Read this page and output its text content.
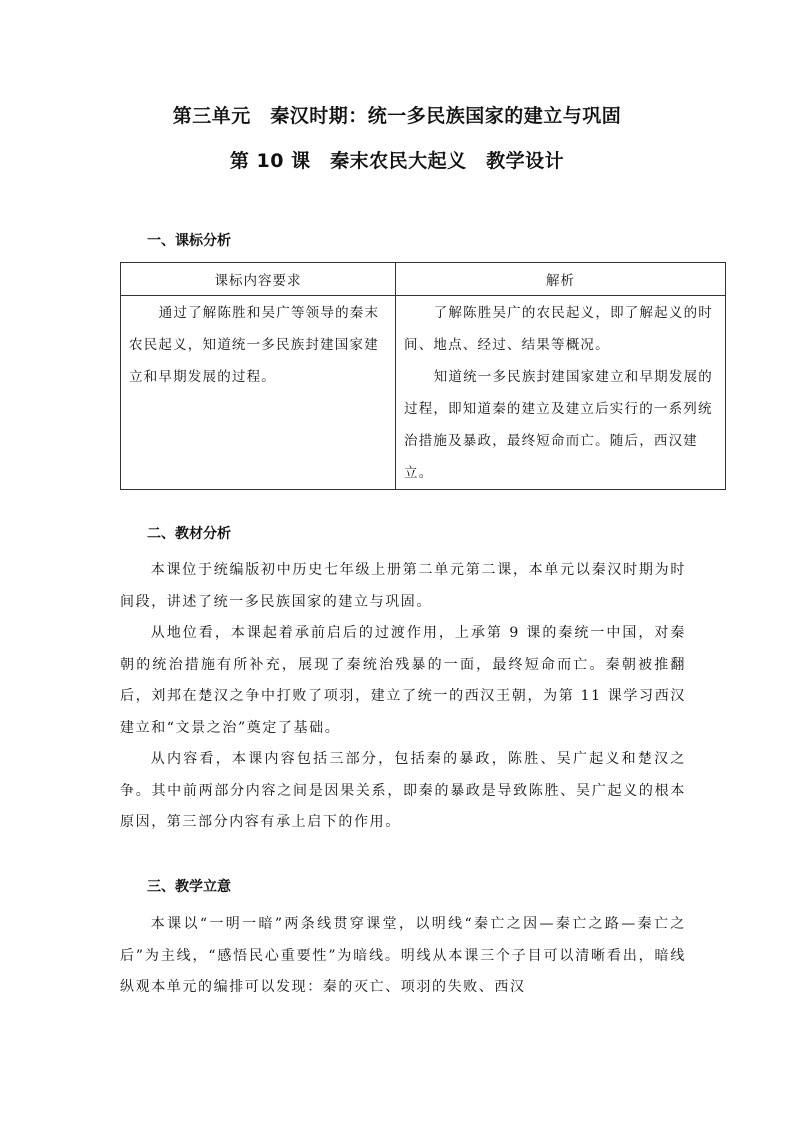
第三单元　秦汉时期：统一多民族国家的建立与巩固
第 10 课　秦末农民大起义　教学设计
一、课标分析
课标内容要求	解析

通过了解陈胜和吴广等领导的秦末农民起义，知道统一多民族封建国家建立和早期发展的过程。	了解陈胜吴广的农民起义，即了解起义的时间、地点、经过、结果等概况。

知道统一多民族封建国家建立和早期发展的过程，即知道秦的建立及建立后实行的一系列统治措施及暴政，最终短命而亡。随后，西汉建立。

二、教材分析

本课位于统编版初中历史七年级上册第二单元第二课，本单元以秦汉时期为时间段，讲述了统一多民族国家的建立与巩固。

从地位看，本课起着承前启后的过渡作用，上承第 9 课的秦统一中国，对秦朝的统治措施有所补充，展现了秦统治残暴的一面，最终短命而亡。秦朝被推翻后，刘邦在楚汉之争中打败了项羽，建立了统一的西汉王朝，为第 11 课学习西汉建立和“文景之治”奠定了基础。

从内容看，本课内容包括三部分，包括秦的暴政，陈胜、吴广起义和楚汉之争。其中前两部分内容之间是因果关系，即秦的暴政是导致陈胜、吴广起义的根本原因，第三部分内容有承上启下的作用。

三、教学立意

本课以“一明一暗”两条线贯穿课堂，以明线“秦亡之因—秦亡之路—秦亡之后”为主线，“感悟民心重要性”为暗线。明线从本课三个子目可以清晰看出，暗线纵观本单元的编排可以发现：秦的灭亡、项羽的失败、西汉
